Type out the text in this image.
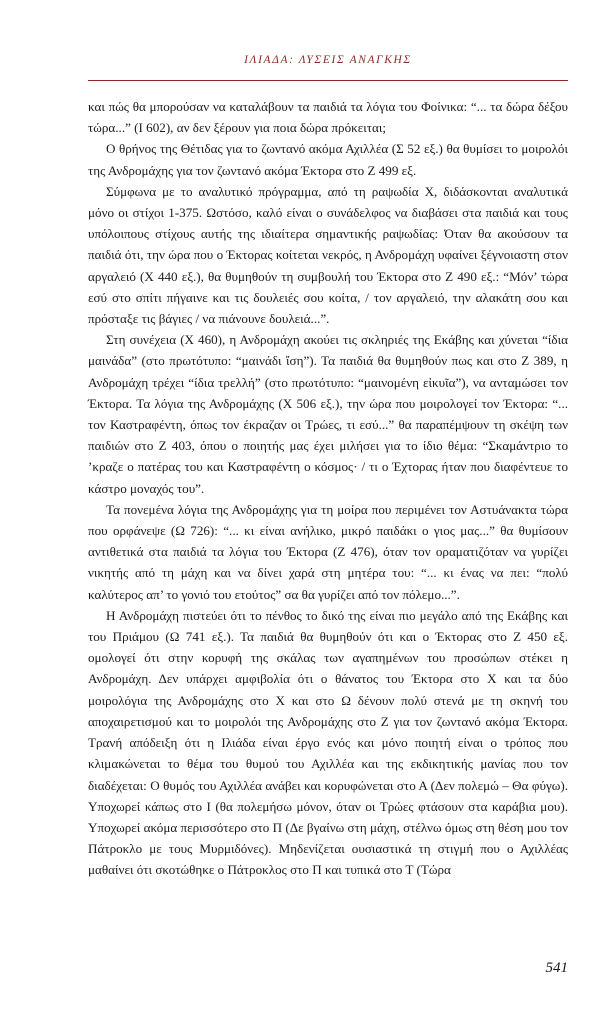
ΙΛΙΑΔΑ: ΛΥΣΕΙΣ ΑΝΑΓΚΗΣ

και πώς θα μπορούσαν να καταλάβουν τα παιδιά τα λόγια του Φοίνικα: “... τα δώρα δέξου τώρα...” (Ι 602), αν δεν ξέρουν για ποια δώρα πρόκειται;

Ο θρήνος της Θέτιδας για το ζωντανό ακόμα Αχιλλέα (Σ 52 εξ.) θα θυμίσει το μοιρολόι της Ανδρομάχης για τον ζωντανό ακόμα Έκτορα στο Ζ 499 εξ.

Σύμφωνα με το αναλυτικό πρόγραμμα, από τη ραψωδία Χ, διδάσκονται αναλυτικά μόνο οι στίχοι 1-375. Ωστόσο, καλό είναι ο συνάδελφος να διαβάσει στα παιδιά και τους υπόλοιπους στίχους αυτής της ιδιαίτερα σημαντικής ραψωδίας: Όταν θα ακούσουν τα παιδιά ότι, την ώρα που ο Έκτορας κοίτεται νεκρός, η Ανδρομάχη υφαίνει ξέγνοιαστη στον αργαλειό (Χ 440 εξ.), θα θυμηθούν τη συμβουλή του Έκτορα στο Ζ 490 εξ.: “Μόν’ τώρα εσύ στο σπίτι πήγαινε και τις δουλειές σου κοίτα, / τον αργαλειό, την αλακάτη σου και πρόσταξε τις βάγιες / να πιάνουνε δουλειά...”.

Στη συνέχεια (Χ 460), η Ανδρομάχη ακούει τις σκληριές της Εκάβης και χύνεται “ίδια μαινάδα” (στο πρωτότυπο: “μαινάδι ἴση”). Τα παιδιά θα θυμηθούν πως και στο Ζ 389, η Ανδρομάχη τρέχει “ίδια τρελλή” (στο πρωτότυπο: “μαινομένη εἰκυῖα”), να ανταμώσει τον Έκτορα. Τα λόγια της Ανδρομάχης (Χ 506 εξ.), την ώρα που μοιρολογεί τον Έκτορα: “... τον Καστραφέντη, όπως τον έκραζαν οι Τρώες, τι εσύ...” θα παραπέμψουν τη σκέψη των παιδιών στο Ζ 403, όπου ο ποιητής μας έχει μιλήσει για το ίδιο θέμα: “Σκαμάντριο το ’κραζε ο πατέρας του και Καστραφέντη ο κόσμος· / τι ο Έχτορας ήταν που διαφέντευε το κάστρο μοναχός του”.

Τα πονεμένα λόγια της Ανδρομάχης για τη μοίρα που περιμένει τον Αστυάνακτα τώρα που ορφάνεψε (Ω 726): “... κι είναι ανήλικο, μικρό παιδάκι ο γιος μας...” θα θυμίσουν αντιθετικά στα παιδιά τα λόγια του Έκτορα (Ζ 476), όταν τον οραματιζόταν να γυρίζει νικητής από τη μάχη και να δίνει χαρά στη μητέρα του: “... κι ένας να πει: “πολύ καλύτερος απ’ το γονιό του ετούτος” σα θα γυρίζει από τον πόλεμο...”.

Η Ανδρομάχη πιστεύει ότι το πένθος το δικό της είναι πιο μεγάλο από της Εκάβης και του Πριάμου (Ω 741 εξ.). Τα παιδιά θα θυμηθούν ότι και ο Έκτορας στο Ζ 450 εξ. ομολογεί ότι στην κορυφή της σκάλας των αγαπημένων του προσώπων στέκει η Ανδρομάχη. Δεν υπάρχει αμφιβολία ότι ο θάνατος του Έκτορα στο Χ και τα δύο μοιρολόγια της Ανδρομάχης στο Χ και στο Ω δένουν πολύ στενά με τη σκηνή του αποχαιρετισμού και το μοιρολόι της Ανδρομάχης στο Ζ για τον ζωντανό ακόμα Έκτορα. Τρανή απόδειξη ότι η Ιλιάδα είναι έργο ενός και μόνο ποιητή είναι ο τρόπος που κλιμακώνεται το θέμα του θυμού του Αχιλλέα και της εκδικητικής μανίας που τον διαδέχεται: Ο θυμός του Αχιλλέα ανάβει και κορυφώνεται στο Α (Δεν πολεμώ – Θα φύγω). Υποχωρεί κάπως στο Ι (θα πολεμήσω μόνον, όταν οι Τρώες φτάσουν στα καράβια μου). Υποχωρεί ακόμα περισσότερο στο Π (Δε βγαίνω στη μάχη, στέλνω όμως στη θέση μου τον Πάτροκλο με τους Μυρμιδόνες). Μηδενίζεται ουσιαστικά τη στιγμή που ο Αχιλλέας μαθαίνει ότι σκοτώθηκε ο Πάτροκλος στο Π και τυπικά στο Τ (Τώρα

541
